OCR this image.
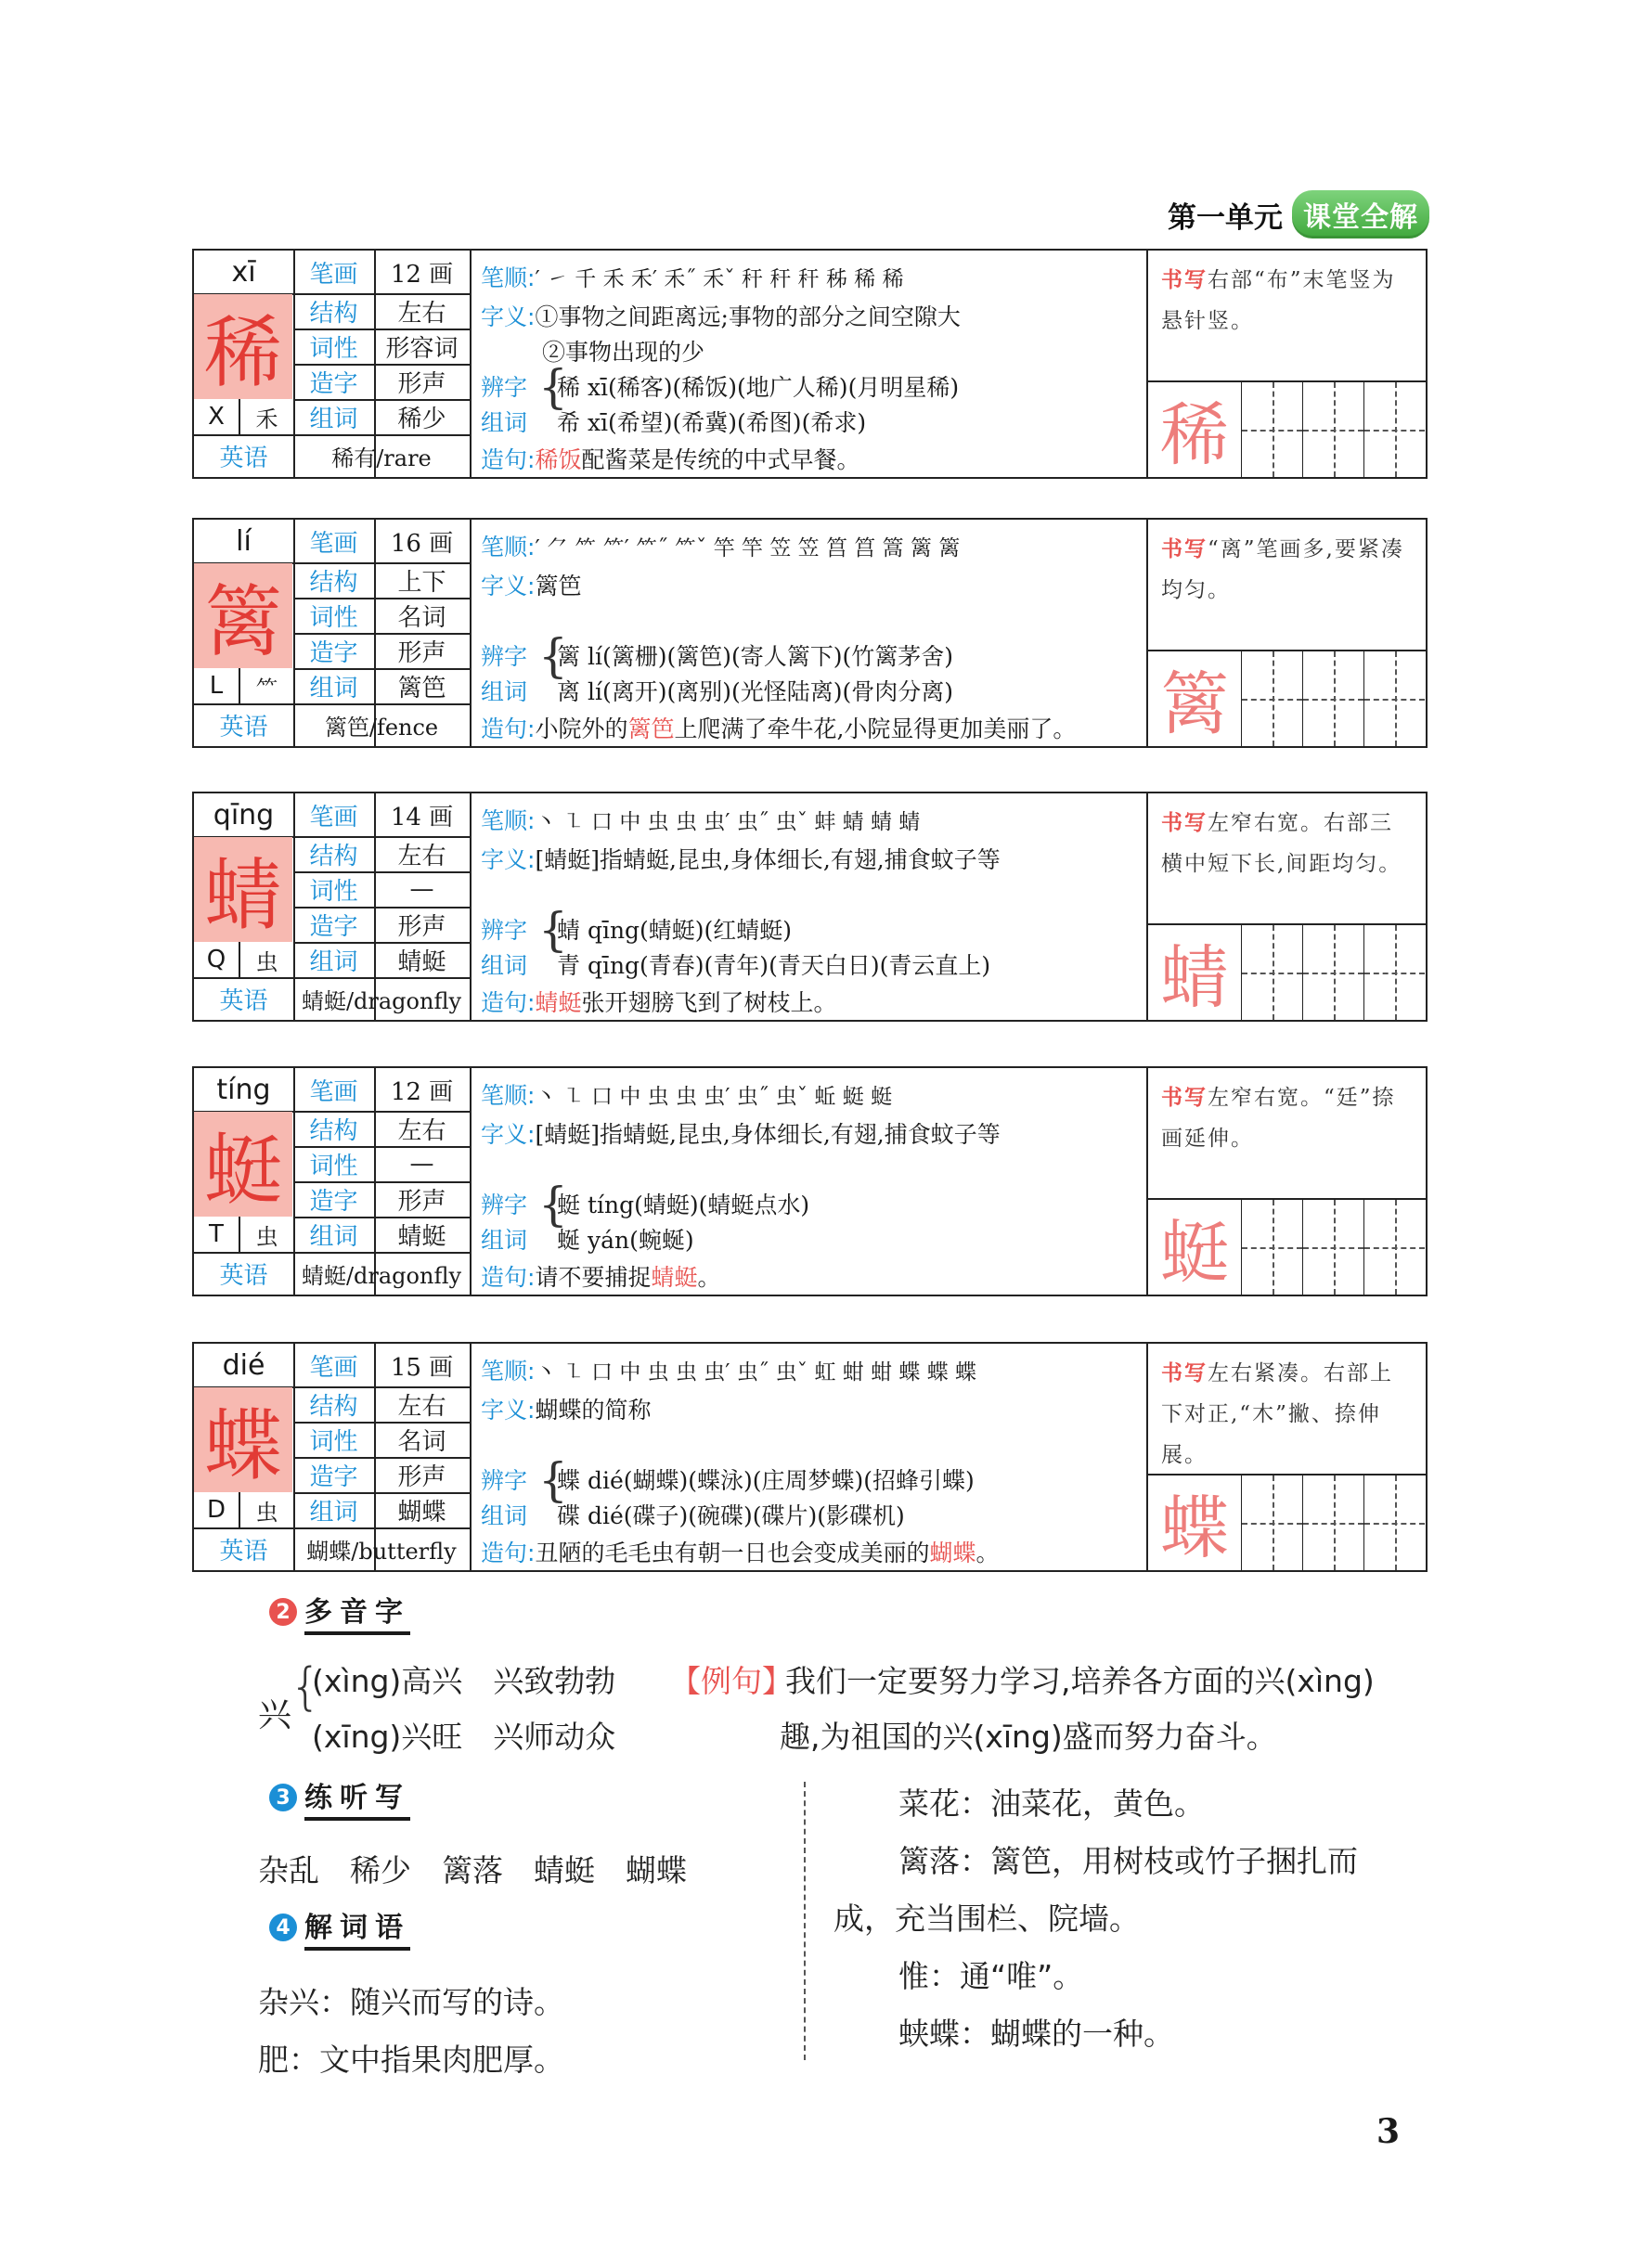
第一单元 课堂全解
xī
稀
X	禾
英语	稀有/rare
笔画	12 画
结构	左右
词性	形容词
造字	形声
组词	稀少
笔顺:′ ㇀ 千 禾 禾′ 禾˝ 禾ˇ 秆 秆 秆 秭 稀 稀
字义:①事物之间距离远;事物的部分之间空隙大
②事物出现的少
辨字
组词
{
稀 xī(稀客)(稀饭)(地广人稀)(月明星稀)
希 xī(希望)(希冀)(希图)(希求)
造句:稀饭配酱菜是传统的中式早餐。
书写右部“布”末笔竖为悬针竖。
稀
lí
篱
L	⺮
英语	篱笆/fence
笔画	16 画
结构	上下
词性	名词
造字	形声
组词	篱笆
笔顺:′ ⺈ ⺮ ⺮′ ⺮˝ ⺮ˇ 竿 竿 笠 笠 筥 筥 篙 篱 篱
字义:篱笆
辨字
组词
{
篱 lí(篱栅)(篱笆)(寄人篱下)(竹篱茅舍)
离 lí(离开)(离别)(光怪陆离)(骨肉分离)
造句:小院外的篱笆上爬满了牵牛花,小院显得更加美丽了。
书写“离”笔画多,要紧凑均匀。
篱
qīng
蜻
Q	虫
英语	蜻蜓/dragonfly
笔画	14 画
结构	左右
词性	—
造字	形声
组词	蜻蜓
笔顺:丶 ㇅ 口 中 虫 虫 虫′ 虫˝ 虫ˇ 蚌 蜻 蜻 蜻
字义:[蜻蜓]指蜻蜓,昆虫,身体细长,有翅,捕食蚊子等
辨字
组词
{
蜻 qīng(蜻蜓)(红蜻蜓)
青 qīng(青春)(青年)(青天白日)(青云直上)
造句:蜻蜓张开翅膀飞到了树枝上。
书写左窄右宽。右部三横中短下长,间距均匀。
蜻
tíng
蜓
T	虫
英语	蜻蜓/dragonfly
笔画	12 画
结构	左右
词性	—
造字	形声
组词	蜻蜓
笔顺:丶 ㇅ 口 中 虫 虫 虫′ 虫˝ 虫ˇ 蚯 蜓 蜓
字义:[蜻蜓]指蜻蜓,昆虫,身体细长,有翅,捕食蚊子等
辨字
组词
{
蜓 tíng(蜻蜓)(蜻蜓点水)
蜒 yán(蜿蜒)
造句:请不要捕捉蜻蜓。
书写左窄右宽。“廷”捺画延伸。
蜓
dié
蝶
D	虫
英语	蝴蝶/butterfly
笔画	15 画
结构	左右
词性	名词
造字	形声
组词	蝴蝶
笔顺:丶 ㇅ 口 中 虫 虫 虫′ 虫˝ 虫ˇ 虹 蚶 蚶 蝶 蝶 蝶
字义:蝴蝶的简称
辨字
组词
{
蝶 dié(蝴蝶)(蝶泳)(庄周梦蝶)(招蜂引蝶)
碟 dié(碟子)(碗碟)(碟片)(影碟机)
造句:丑陋的毛毛虫有朝一日也会变成美丽的蝴蝶。
书写左右紧凑。右部上下对正,“木”撇、捺伸展。
蝶
2 多音字
兴
{
(xìng)高兴　兴致勃勃
(xīng)兴旺　兴师动众
【例句】
我们一定要努力学习,培养各方面的兴(xìng)
趣,为祖国的兴(xīng)盛而努力奋斗。
3 练听写
杂乱　稀少　篱落　蜻蜓　蝴蝶
4 解词语
杂兴：随兴而写的诗。
肥：文中指果肉肥厚。
菜花：油菜花，黄色。
篱落：篱笆，用树枝或竹子捆扎而
成，充当围栏、院墙。
惟：通“唯”。
蛱蝶：蝴蝶的一种。
3
